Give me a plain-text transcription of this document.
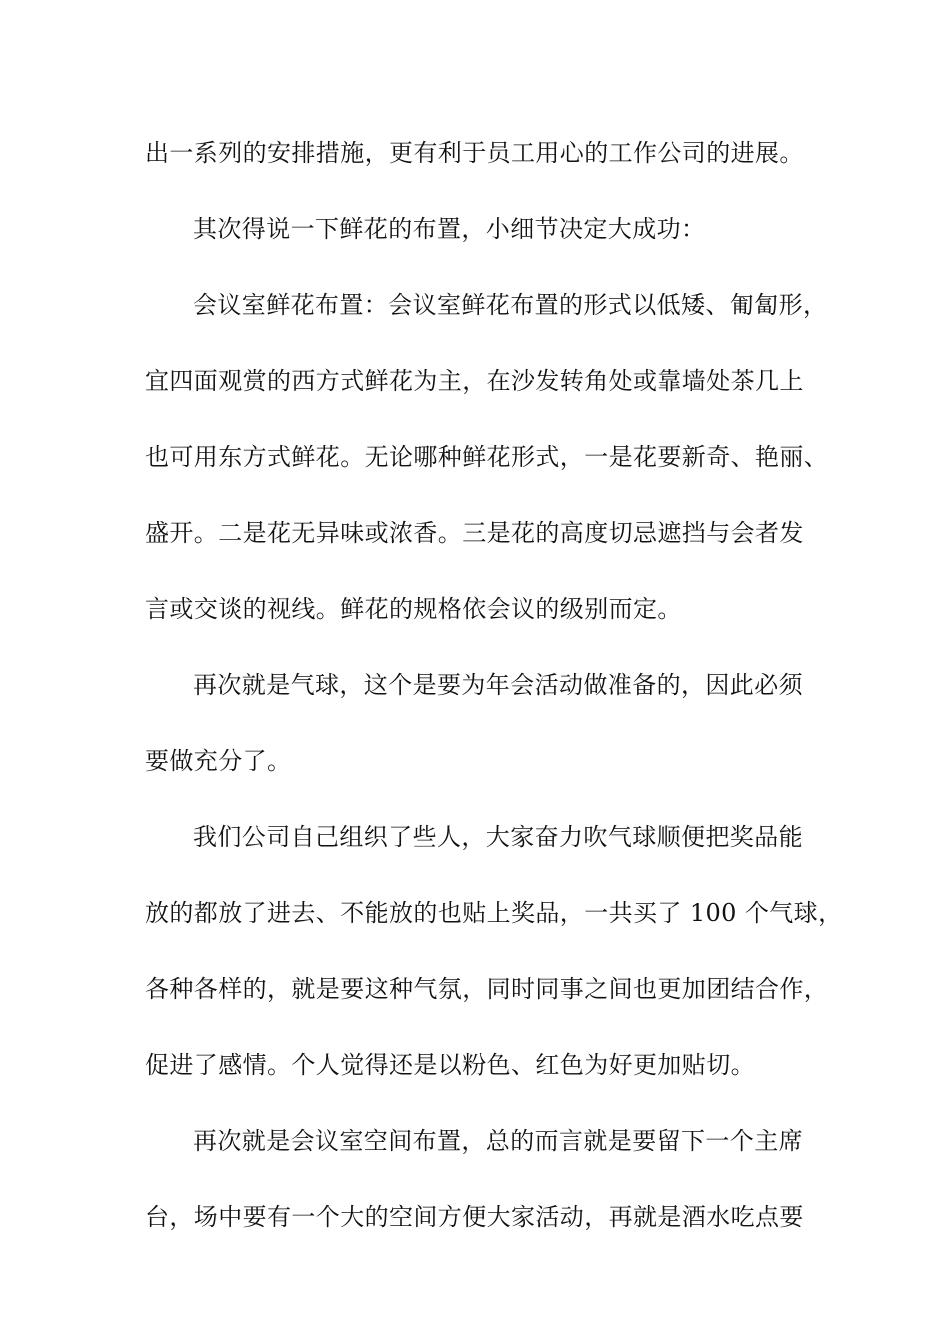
出一系列的安排措施，更有利于员工用心的工作公司的进展。
其次得说一下鲜花的布置，小细节决定大成功：
会议室鲜花布置：会议室鲜花布置的形式以低矮、匍匐形，
宜四面观赏的西方式鲜花为主，在沙发转角处或靠墙处茶几上
也可用东方式鲜花。无论哪种鲜花形式，一是花要新奇、艳丽、
盛开。二是花无异味或浓香。三是花的高度切忌遮挡与会者发
言或交谈的视线。鲜花的规格依会议的级别而定。
再次就是气球，这个是要为年会活动做准备的，因此必须
要做充分了。
我们公司自己组织了些人，大家奋力吹气球顺便把奖品能
放的都放了进去、不能放的也贴上奖品，一共买了 100 个气球，
各种各样的，就是要这种气氛，同时同事之间也更加团结合作，
促进了感情。个人觉得还是以粉色、红色为好更加贴切。
再次就是会议室空间布置，总的而言就是要留下一个主席
台，场中要有一个大的空间方便大家活动，再就是酒水吃点要
